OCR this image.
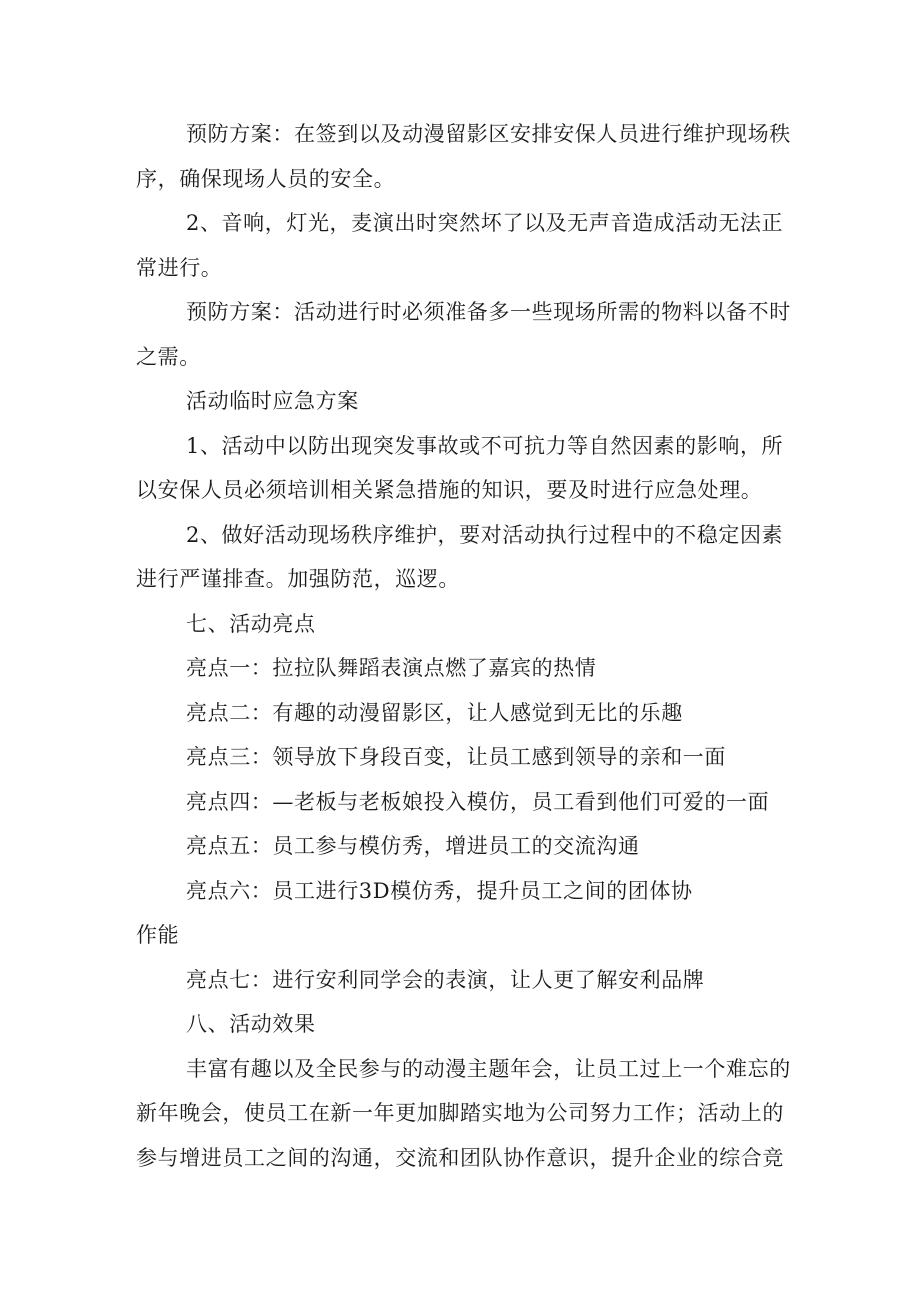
预防方案：在签到以及动漫留影区安排安保人员进行维护现场秩

序，确保现场人员的安全。

2、音响，灯光，麦演出时突然坏了以及无声音造成活动无法正

常进行。

预防方案：活动进行时必须准备多一些现场所需的物料以备不时

之需。

活动临时应急方案

1、活动中以防出现突发事故或不可抗力等自然因素的影响，所

以安保人员必须培训相关紧急措施的知识，要及时进行应急处理。

2、做好活动现场秩序维护，要对活动执行过程中的不稳定因素

进行严谨排查。加强防范，巡逻。

七、活动亮点

亮点一：拉拉队舞蹈表演点燃了嘉宾的热情

亮点二：有趣的动漫留影区，让人感觉到无比的乐趣

亮点三：领导放下身段百变，让员工感到领导的亲和一面

亮点四：—老板与老板娘投入模仿，员工看到他们可爱的一面

亮点五：员工参与模仿秀，增进员工的交流沟通

亮点六：员工进行3D模仿秀，提升员工之间的团体协

作能

亮点七：进行安利同学会的表演，让人更了解安利品牌

八、活动效果

丰富有趣以及全民参与的动漫主题年会，让员工过上一个难忘的

新年晚会，使员工在新一年更加脚踏实地为公司努力工作；活动上的

参与增进员工之间的沟通，交流和团队协作意识，提升企业的综合竞
